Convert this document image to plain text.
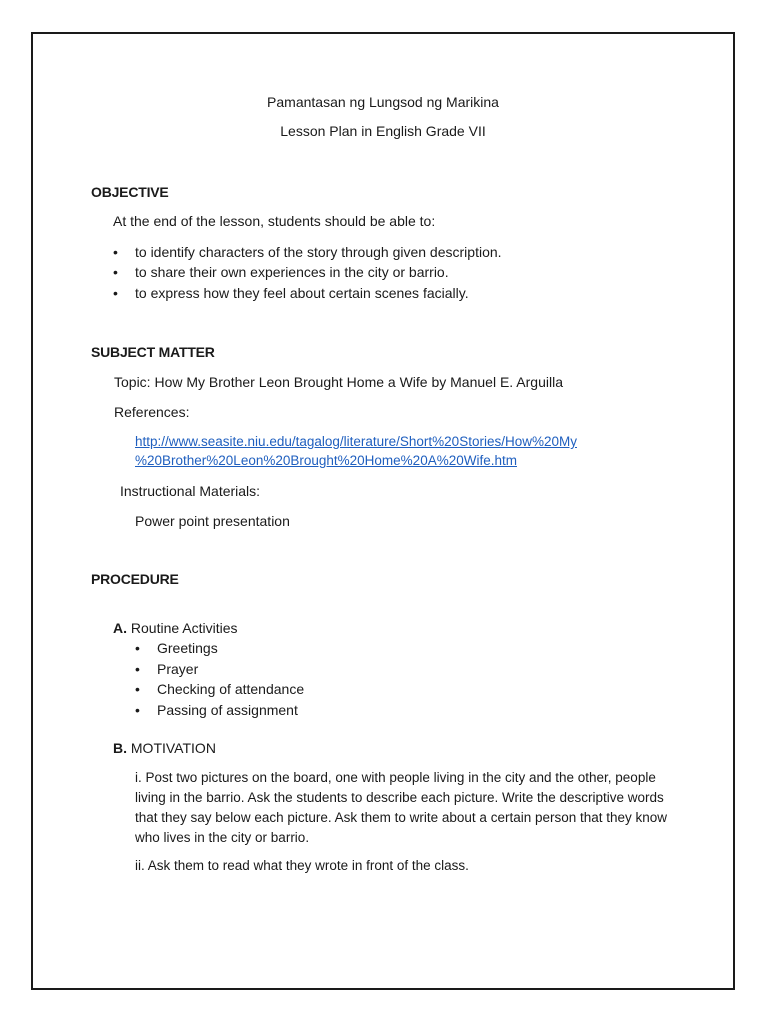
Pamantasan ng Lungsod ng Marikina
Lesson Plan in English Grade VII
OBJECTIVE
At the end of the lesson, students should be able to:
• to identify characters of the story through given description.
• to share their own experiences in the city or barrio.
• to express how they feel about certain scenes facially.
SUBJECT MATTER
Topic: How My Brother Leon Brought Home a Wife by Manuel E. Arguilla
References:
http://www.seasite.niu.edu/tagalog/literature/Short%20Stories/How%20My
%20Brother%20Leon%20Brought%20Home%20A%20Wife.htm
Instructional Materials:
Power point presentation
PROCEDURE
A. Routine Activities
• Greetings
• Prayer
• Checking of attendance
• Passing of assignment
B. MOTIVATION
i. Post two pictures on the board, one with people living in the city and the other, people living in the barrio. Ask the students to describe each picture. Write the descriptive words that they say below each picture. Ask them to write about a certain person that they know who lives in the city or barrio.
ii. Ask them to read what they wrote in front of the class.
